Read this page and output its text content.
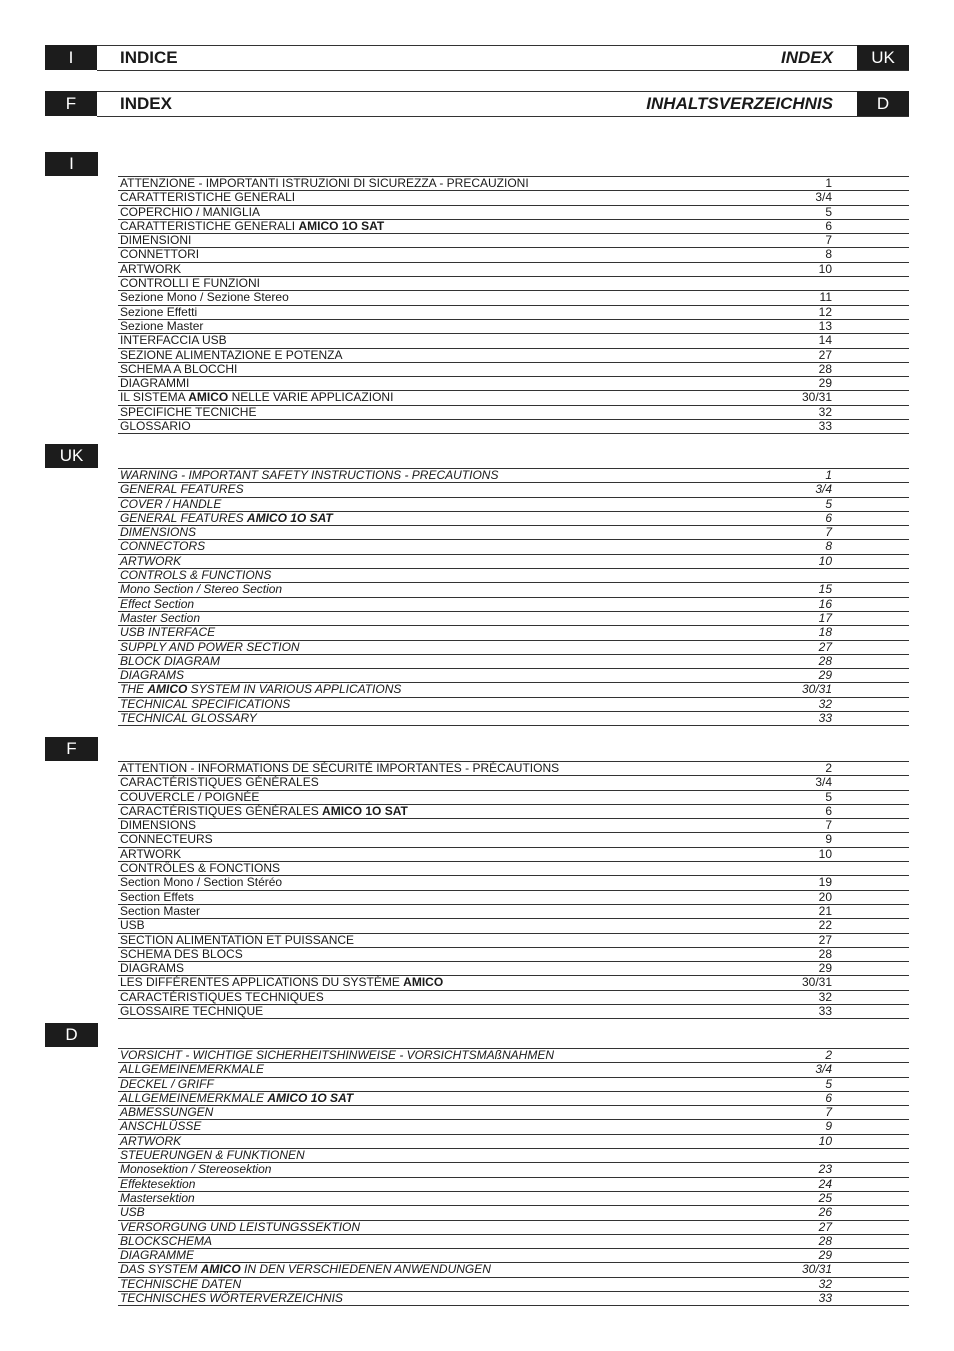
I	INDICE	INDEX	UK
F	INDEX	INHALTSVERZEICHNIS	D
I
UK
F
D
ATTENZIONE - IMPORTANTI ISTRUZIONI DI SICUREZZA - PRECAUZIONI	1
CARATTERISTICHE GENERALI	3/4
COPERCHIO / MANIGLIA	5
CARATTERISTICHE GENERALI AMICO 1O SAT	6
DIMENSIONI	7
CONNETTORI	8
ARTWORK	10
CONTROLLI E FUNZIONI
Sezione Mono / Sezione Stereo	11
Sezione Effetti	12
Sezione Master	13
INTERFACCIA USB	14
SEZIONE ALIMENTAZIONE E POTENZA	27
SCHEMA A BLOCCHI	28
DIAGRAMMI	29
IL SISTEMA AMICO NELLE VARIE APPLICAZIONI	30/31
SPECIFICHE TECNICHE	32
GLOSSARIO	33
WARNING - IMPORTANT SAFETY INSTRUCTIONS - PRECAUTIONS	1
GENERAL FEATURES	3/4
COVER / HANDLE	5
GENERAL FEATURES AMICO 1O SAT	6
DIMENSIONS	7
CONNECTORS	8
ARTWORK	10
CONTROLS & FUNCTIONS
Mono Section / Stereo Section	15
Effect Section	16
Master Section	17
USB INTERFACE	18
SUPPLY AND POWER SECTION	27
BLOCK DIAGRAM	28
DIAGRAMS	29
THE AMICO SYSTEM IN VARIOUS APPLICATIONS	30/31
TECHNICAL SPECIFICATIONS	32
TECHNICAL GLOSSARY	33
ATTENTION - INFORMATIONS DE SÉCURITÉ IMPORTANTES - PRÉCAUTIONS	2
CARACTÉRISTIQUES GÉNÉRALES	3/4
COUVERCLE / POIGNÉE	5
CARACTÉRISTIQUES GÉNÉRALES AMICO 1O SAT	6
DIMENSIONS	7
CONNECTEURS	9
ARTWORK	10
CONTRÔLES & FONCTIONS
Section Mono / Section Stéréo	19
Section Effets	20
Section Master	21
USB	22
SECTION ALIMENTATION ET PUISSANCE	27
SCHEMA DES BLOCS	28
DIAGRAMS	29
LES DIFFÉRENTES APPLICATIONS DU SYSTÈME AMICO	30/31
CARACTÉRISTIQUES TECHNIQUES	32
GLOSSAIRE TECHNIQUE	33
VORSICHT - WICHTIGE SICHERHEITSHINWEISE - VORSICHTSMAßNAHMEN	2
ALLGEMEINEMERKMALE	3/4
DECKEL / GRIFF	5
ALLGEMEINEMERKMALE AMICO 1O SAT	6
ABMESSUNGEN	7
ANSCHLÜSSE	9
ARTWORK	10
STEUERUNGEN & FUNKTIONEN
Monosektion / Stereosektion	23
Effektesektion	24
Mastersektion	25
USB	26
VERSORGUNG UND LEISTUNGSSEKTION	27
BLOCKSCHEMA	28
DIAGRAMME	29
DAS SYSTEM AMICO IN DEN VERSCHIEDENEN ANWENDUNGEN	30/31
TECHNISCHE DATEN	32
TECHNISCHES WÖRTERVERZEICHNIS	33
